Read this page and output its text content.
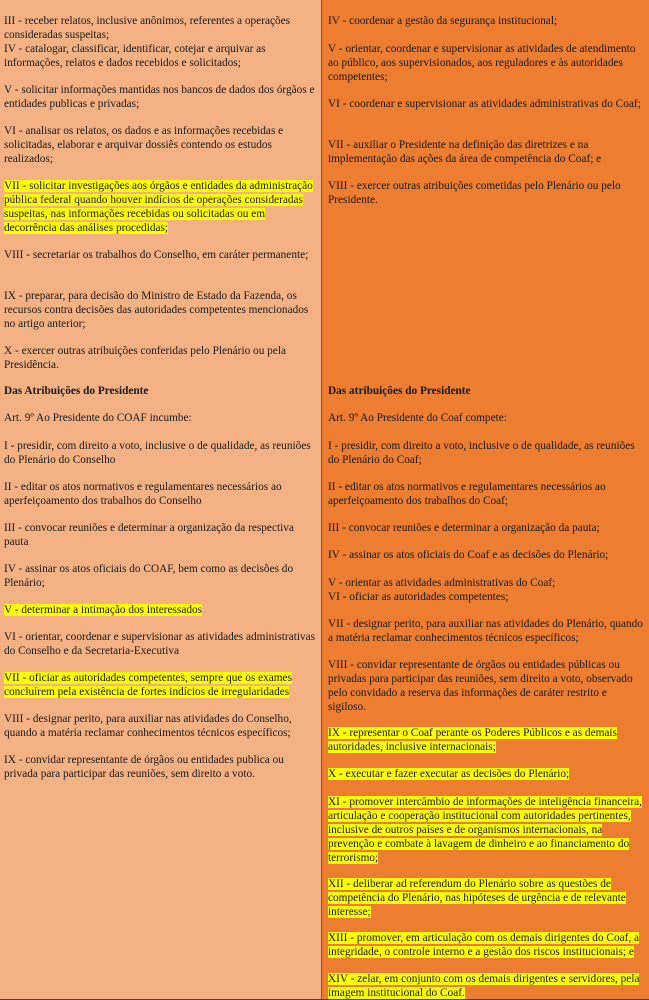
III - receber relatos, inclusive anônimos, referentes a operações consideradas suspeitas;

IV - catalogar, classificar, identificar, cotejar e arquivar as informações, relatos e dados recebidos e solicitados;

V - solicitar informações mantidas nos bancos de dados dos órgãos e entidades publicas e privadas;

VI - analisar os relatos, os dados e as informações recebidas e solicitadas, elaborar e arquivar dossiês contendo os estudos realizados;

VII - solicitar investigações aos órgãos e entidades da administração pública federal quando houver indícios de operações consideradas suspeitas, nas informações recebidas ou solicitadas ou em decorrência das análises procedidas;

VIII - secretariar os trabalhos do Conselho, em caráter permanente;

IX - preparar, para decisão do Ministro de Estado da Fazenda, os recursos contra decisões das autoridades competentes mencionados no artigo anterior;

X - exercer outras atribuições conferidas pelo Plenário ou pela Presidência.

Das Atribuições do Presidente

Art. 9º Ao Presidente do COAF incumbe:

I - presidir, com direito a voto, inclusive o de qualidade, as reuniões do Plenário do Conselho

II - editar os atos normativos e regulamentares necessários ao aperfeiçoamento dos trabalhos do Conselho

III - convocar reuniões e determinar a organização da respectiva pauta

IV - assinar os atos oficiais do COAF, bem como as decisões do Plenário;

V - determinar a intimação dos interessados

VI - orientar, coordenar e supervisionar as atividades administrativas do Conselho e da Secretaria-Executiva

VII - oficiar as autoridades competentes, sempre que os exames concluírem pela existência de fortes indícios de irregularidades

VIII - designar perito, para auxiliar nas atividades do Conselho, quando a matéria reclamar conhecimentos técnicos específicos;

IX - convidar representante de órgãos ou entidades publica ou privada para participar das reuniões, sem direito a voto.

IV - coordenar a gestão da segurança institucional;

V - orientar, coordenar e supervisionar as atividades de atendimento ao público, aos supervisionados, aos reguladores e às autoridades competentes;

VI - coordenar e supervisionar as atividades administrativas do Coaf;

VII - auxiliar o Presidente na definição das diretrizes e na implementação das ações da área de competência do Coaf; e

VIII - exercer outras atribuições cometidas pelo Plenário ou pelo Presidente.

Das atribuições do Presidente

Art. 9º Ao Presidente do Coaf compete:

I - presidir, com direito a voto, inclusive o de qualidade, as reuniões do Plenário do Coaf;

II - editar os atos normativos e regulamentares necessários ao aperfeiçoamento dos trabalhos do Coaf;

III - convocar reuniões e determinar a organização da pauta;

IV - assinar os atos oficiais do Coaf e as decisões do Plenário;

V - orientar as atividades administrativas do Coaf;

VI - oficiar as autoridades competentes;

VII - designar perito, para auxiliar nas atividades do Plenário, quando a matéria reclamar conhecimentos técnicos específicos;

VIII - convidar representante de órgãos ou entidades públicas ou privadas para participar das reuniões, sem direito a voto, observado pelo convidado a reserva das informações de caráter restrito e sigiloso.

IX - representar o Coaf perante os Poderes Públicos e as demais autoridades, inclusive internacionais;

X - executar e fazer executar as decisões do Plenário;

XI - promover intercâmbio de informações de inteligência financeira, articulação e cooperação institucional com autoridades pertinentes, inclusive de outros países e de organismos internacionais, na prevenção e combate à lavagem de dinheiro e ao financiamento do terrorismo;

XII - deliberar ad referendum do Plenário sobre as questões de competência do Plenário, nas hipóteses de urgência e de relevante interesse;

XIII - promover, em articulação com os demais dirigentes do Coaf, a integridade, o controle interno e a gestão dos riscos institucionais; e

XIV - zelar, em conjunto com os demais dirigentes e servidores, pela imagem institucional do Coaf.
